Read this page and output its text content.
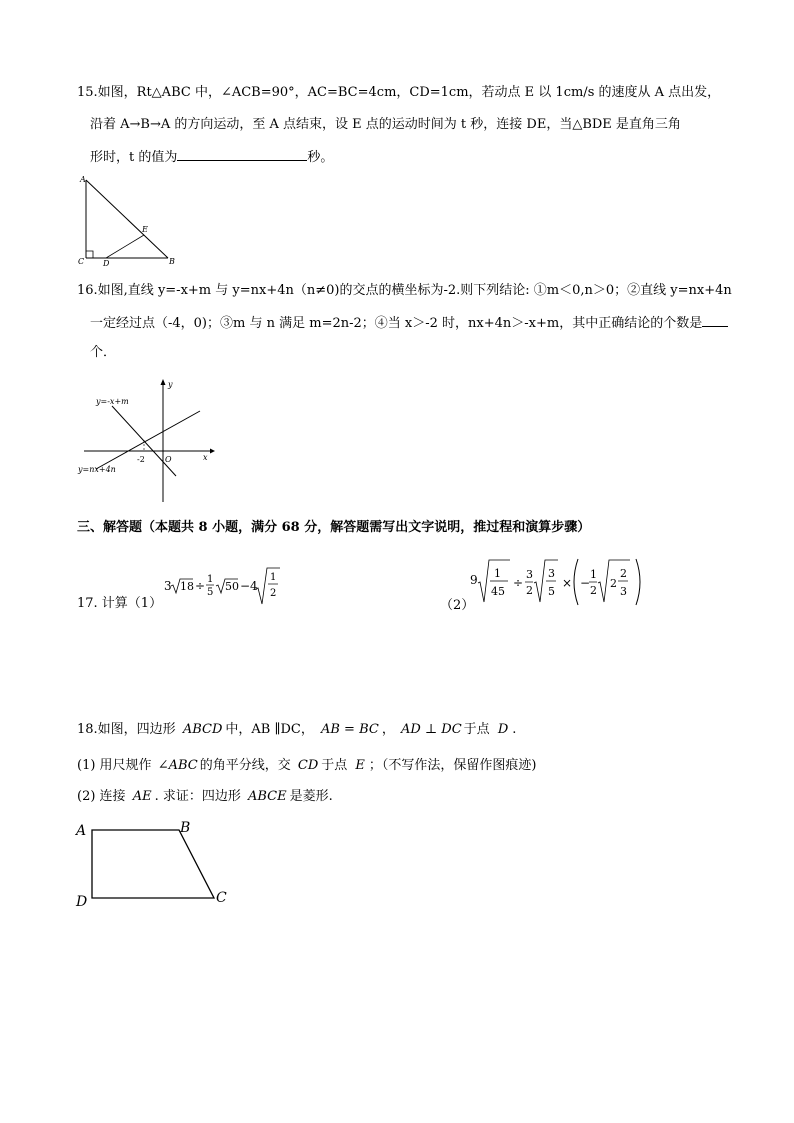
15.如图，Rt△ABC 中，∠ACB=90°，AC=BC=4cm，CD=1cm，若动点 E 以 1cm/s 的速度从 A 点出发，
沿着 A→B→A 的方向运动，至 A 点结束，设 E 点的运动时间为 t 秒，连接 DE，当△BDE 是直角三角
形时，t 的值为	秒。
A
C D	B
E
16.如图,直线 y=-x+m 与 y=nx+4n（n≠0)的交点的横坐标为-2.则下列结论: ①m＜0,n＞0；②直线 y=nx+4n
一定经过点（-4，0)；③m 与 n 满足 m=2n-2；④当 x＞-2 时，nx+4n＞-x+m，其中正确结论的个数是
个．
y=-x+m
y=nx+4n
-2	O	x
y
三、解答题（本题共 8 小题，满分 68 分，解答题需写出文字说明，推过程和演算步骤）
17. 计算（1）
3 18 ÷ 1
5 50 −4
1
2
（2）
9 1
45
÷
3
2
3
5
× −
1
2
2
2
3
18.如图，四边形 ABCD 中，AB ∥DC， AB = BC ， AD ⊥ DC 于点 D .
(1) 用尺规作 ∠ABC 的角平分线，交 CD 于点 E ；（不写作法，保留作图痕迹)
(2) 连接 AE . 求证：四边形 ABCE 是菱形.
A	B
C
D
